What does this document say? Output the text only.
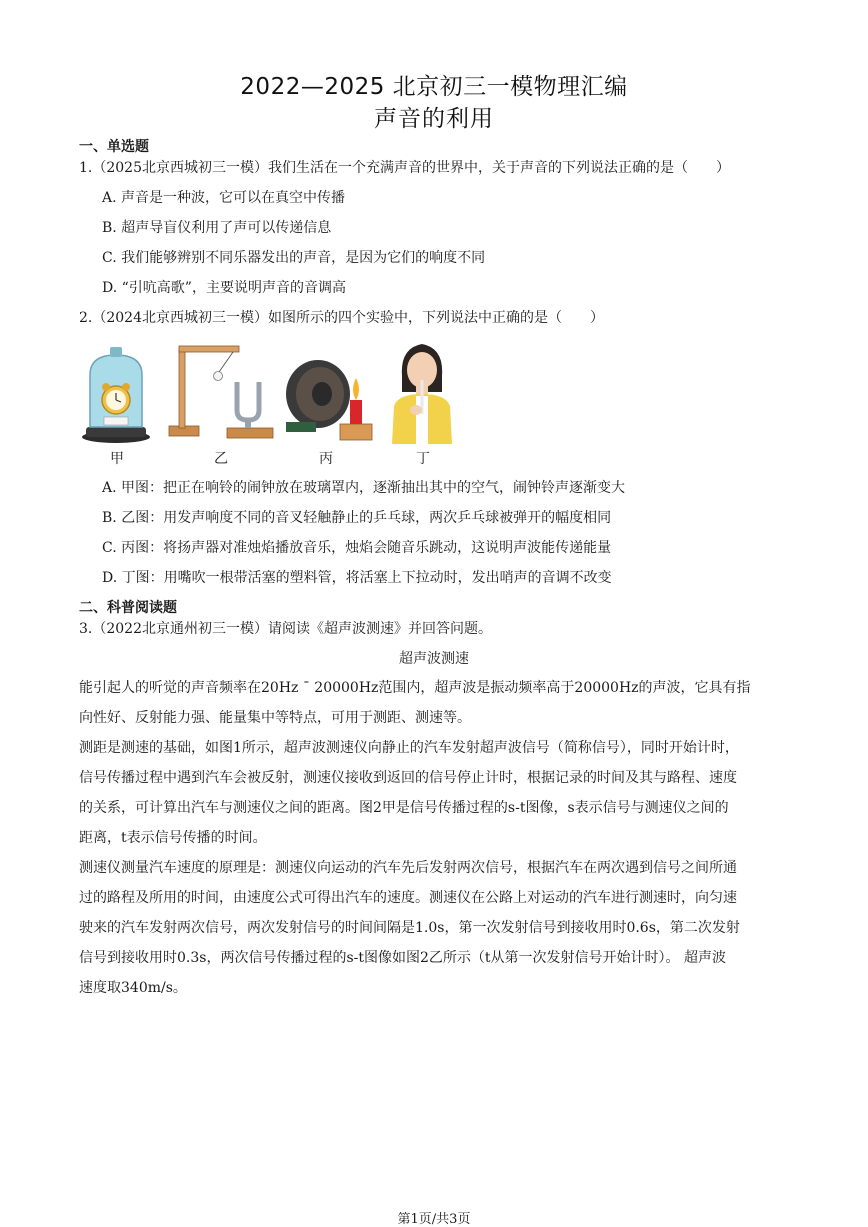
2022—2025 北京初三一模物理汇编
声音的利用
一、单选题
1.（2025北京西城初三一模）我们生活在一个充满声音的世界中，关于声音的下列说法正确的是（　　）
A. 声音是一种波，它可以在真空中传播
B. 超声导盲仪利用了声可以传递信息
C. 我们能够辨别不同乐器发出的声音，是因为它们的响度不同
D. “引吭高歌”，主要说明声音的音调高
2.（2024北京西城初三一模）如图所示的四个实验中，下列说法中正确的是（　　）
甲	乙	丙	丁
A. 甲图：把正在响铃的闹钟放在玻璃罩内，逐渐抽出其中的空气，闹钟铃声逐渐变大
B. 乙图：用发声响度不同的音叉轻触静止的乒乓球，两次乒乓球被弹开的幅度相同
C. 丙图：将扬声器对准烛焰播放音乐，烛焰会随音乐跳动，这说明声波能传递能量
D. 丁图：用嘴吹一根带活塞的塑料管，将活塞上下拉动时，发出哨声的音调不改变
二、科普阅读题
3.（2022北京通州初三一模）请阅读《超声波测速》并回答问题。
超声波测速
能引起人的听觉的声音频率在20Hz ˉ 20000Hz范围内，超声波是振动频率高于20000Hz的声波，它具有指
向性好、反射能力强、能量集中等特点，可用于测距、测速等。
测距是测速的基础，如图1所示，超声波测速仪向静止的汽车发射超声波信号（简称信号），同时开始计时，
信号传播过程中遇到汽车会被反射，测速仪接收到返回的信号停止计时，根据记录的时间及其与路程、速度
的关系，可计算出汽车与测速仪之间的距离。图2甲是信号传播过程的s-t图像，s表示信号与测速仪之间的
距离，t表示信号传播的时间。
测速仪测量汽车速度的原理是：测速仪向运动的汽车先后发射两次信号，根据汽车在两次遇到信号之间所通
过的路程及所用的时间，由速度公式可得出汽车的速度。测速仪在公路上对运动的汽车进行测速时，向匀速
驶来的汽车发射两次信号，两次发射信号的时间间隔是1.0s，第一次发射信号到接收用时0.6s，第二次发射
信号到接收用时0.3s，两次信号传播过程的s-t图像如图2乙所示（t从第一次发射信号开始计时）。 超声波
速度取340m/s。
第1页/共3页
